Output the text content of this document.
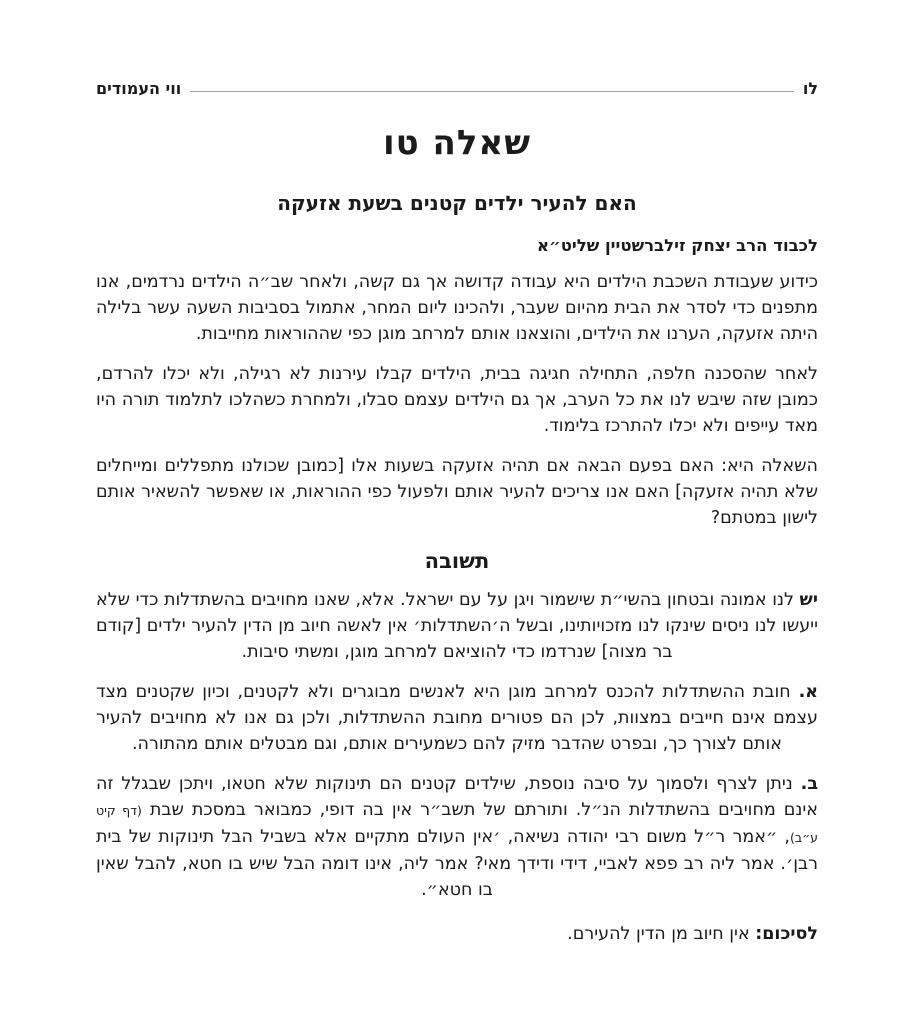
לו
ווי העמודים
שאלה טו
האם להעיר ילדים קטנים בשעת אזעקה
לכבוד הרב יצחק זילברשטיין שליט״א

כידוע שעבודת השכבת הילדים היא עבודה קדושה אך גם קשה, ולאחר שב״ה הילדים נרדמים, אנו מתפנים כדי לסדר את הבית מהיום שעבר, ולהכינו ליום המחר, אתמול בסביבות השעה עשר בלילה היתה אזעקה, הערנו את הילדים, והוצאנו אותם למרחב מוגן כפי שההוראות מחייבות.

לאחר שהסכנה חלפה, התחילה חגיגה בבית, הילדים קבלו עירנות לא רגילה, ולא יכלו להרדם, כמובן שזה שיבש לנו את כל הערב, אך גם הילדים עצמם סבלו, ולמחרת כשהלכו לתלמוד תורה היו מאד עייפים ולא יכלו להתרכז בלימוד.

השאלה היא: האם בפעם הבאה אם תהיה אזעקה בשעות אלו [כמובן שכולנו מתפללים ומייחלים שלא תהיה אזעקה] האם אנו צריכים להעיר אותם ולפעול כפי ההוראות, או שאפשר להשאיר אותם לישון במטתם?

תשובה

יש לנו אמונה ובטחון בהשי״ת שישמור ויגן על עם ישראל. אלא, שאנו מחויבים בהשתדלות כדי שלא ייעשו לנו ניסים שינקו לנו מזכויותינו, ובשל ה׳השתדלות׳ אין לאשה חיוב מן הדין להעיר ילדים [קודם בר מצוה] שנרדמו כדי להוציאם למרחב מוגן, ומשתי סיבות.

א. חובת ההשתדלות להכנס למרחב מוגן היא לאנשים מבוגרים ולא לקטנים, וכיון שקטנים מצד עצמם אינם חייבים במצוות, לכן הם פטורים מחובת ההשתדלות, ולכן גם אנו לא מחויבים להעיר אותם לצורך כך, ובפרט שהדבר מזיק להם כשמעירים אותם, וגם מבטלים אותם מהתורה.

ב. ניתן לצרף ולסמוך על סיבה נוספת, שילדים קטנים הם תינוקות שלא חטאו, ויתכן שבגלל זה אינם מחויבים בהשתדלות הנ״ל. ותורתם של תשב״ר אין בה דופי, כמבואר במסכת שבת (דף קיט ע״ב), ״אמר ר״ל משום רבי יהודה נשיאה, ׳אין העולם מתקיים אלא בשביל הבל תינוקות של בית רבן׳. אמר ליה רב פפא לאביי, דידי ודידך מאי? אמר ליה, אינו דומה הבל שיש בו חטא, להבל שאין בו חטא״.

לסיכום: אין חיוב מן הדין להעירם.
